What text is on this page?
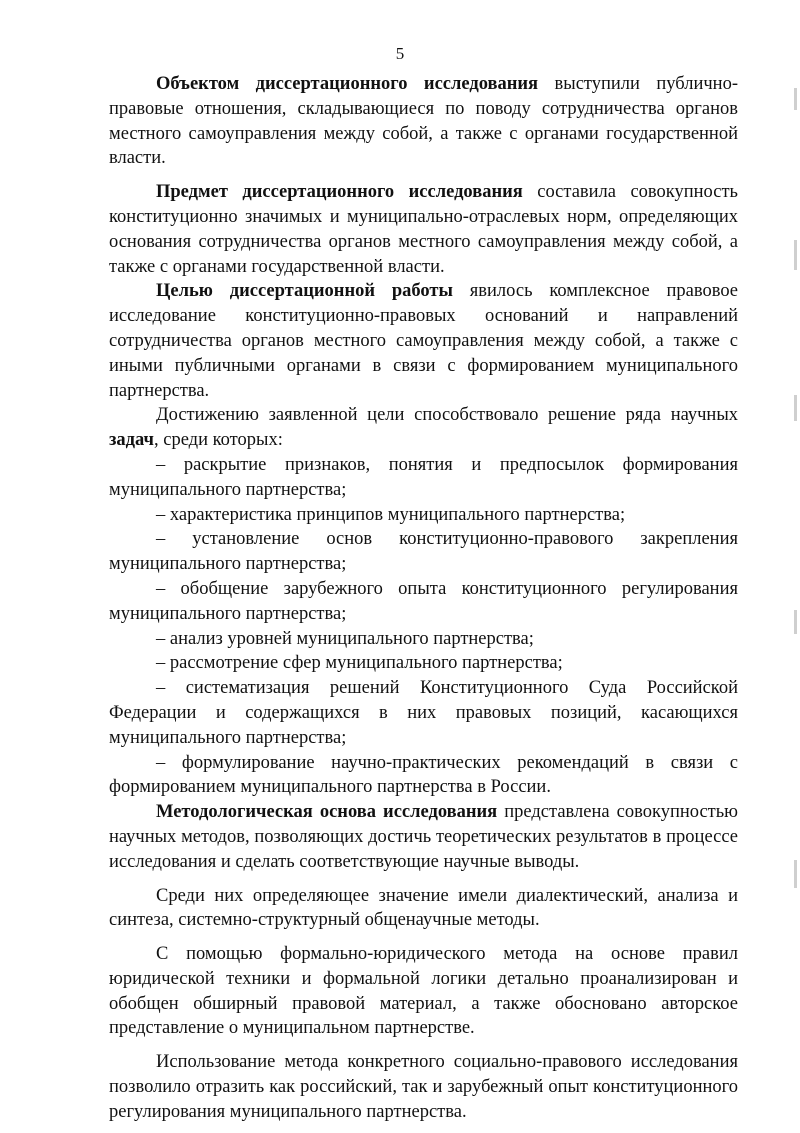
5

Объектом диссертационного исследования выступили публично-правовые отношения, складывающиеся по поводу сотрудничества органов местного самоуправления между собой, а также с органами государственной власти.

Предмет диссертационного исследования составила совокупность конституционно значимых и муниципально-отраслевых норм, определяющих основания сотрудничества органов местного самоуправления между собой, а также с органами государственной власти.

Целью диссертационной работы явилось комплексное правовое исследование конституционно-правовых оснований и направлений сотрудничества органов местного самоуправления между собой, а также с иными публичными органами в связи с формированием муниципального партнерства.

Достижению заявленной цели способствовало решение ряда научных задач, среди которых:

– раскрытие признаков, понятия и предпосылок формирования муниципального партнерства;

– характеристика принципов муниципального партнерства;

– установление основ конституционно-правового закрепления муниципального партнерства;

– обобщение зарубежного опыта конституционного регулирования муниципального партнерства;

– анализ уровней муниципального партнерства;

– рассмотрение сфер муниципального партнерства;

– систематизация решений Конституционного Суда Российской Федерации и содержащихся в них правовых позиций, касающихся муниципального партнерства;

– формулирование научно-практических рекомендаций в связи с формированием муниципального партнерства в России.

Методологическая основа исследования представлена совокупностью научных методов, позволяющих достичь теоретических результатов в процессе исследования и сделать соответствующие научные выводы.

Среди них определяющее значение имели диалектический, анализа и синтеза, системно-структурный общенаучные методы.

С помощью формально-юридического метода на основе правил юридической техники и формальной логики детально проанализирован и обобщен обширный правовой материал, а также обосновано авторское представление о муниципальном партнерстве.

Использование метода конкретного социально-правового исследования позволило отразить как российский, так и зарубежный опыт конституционного регулирования муниципального партнерства.
